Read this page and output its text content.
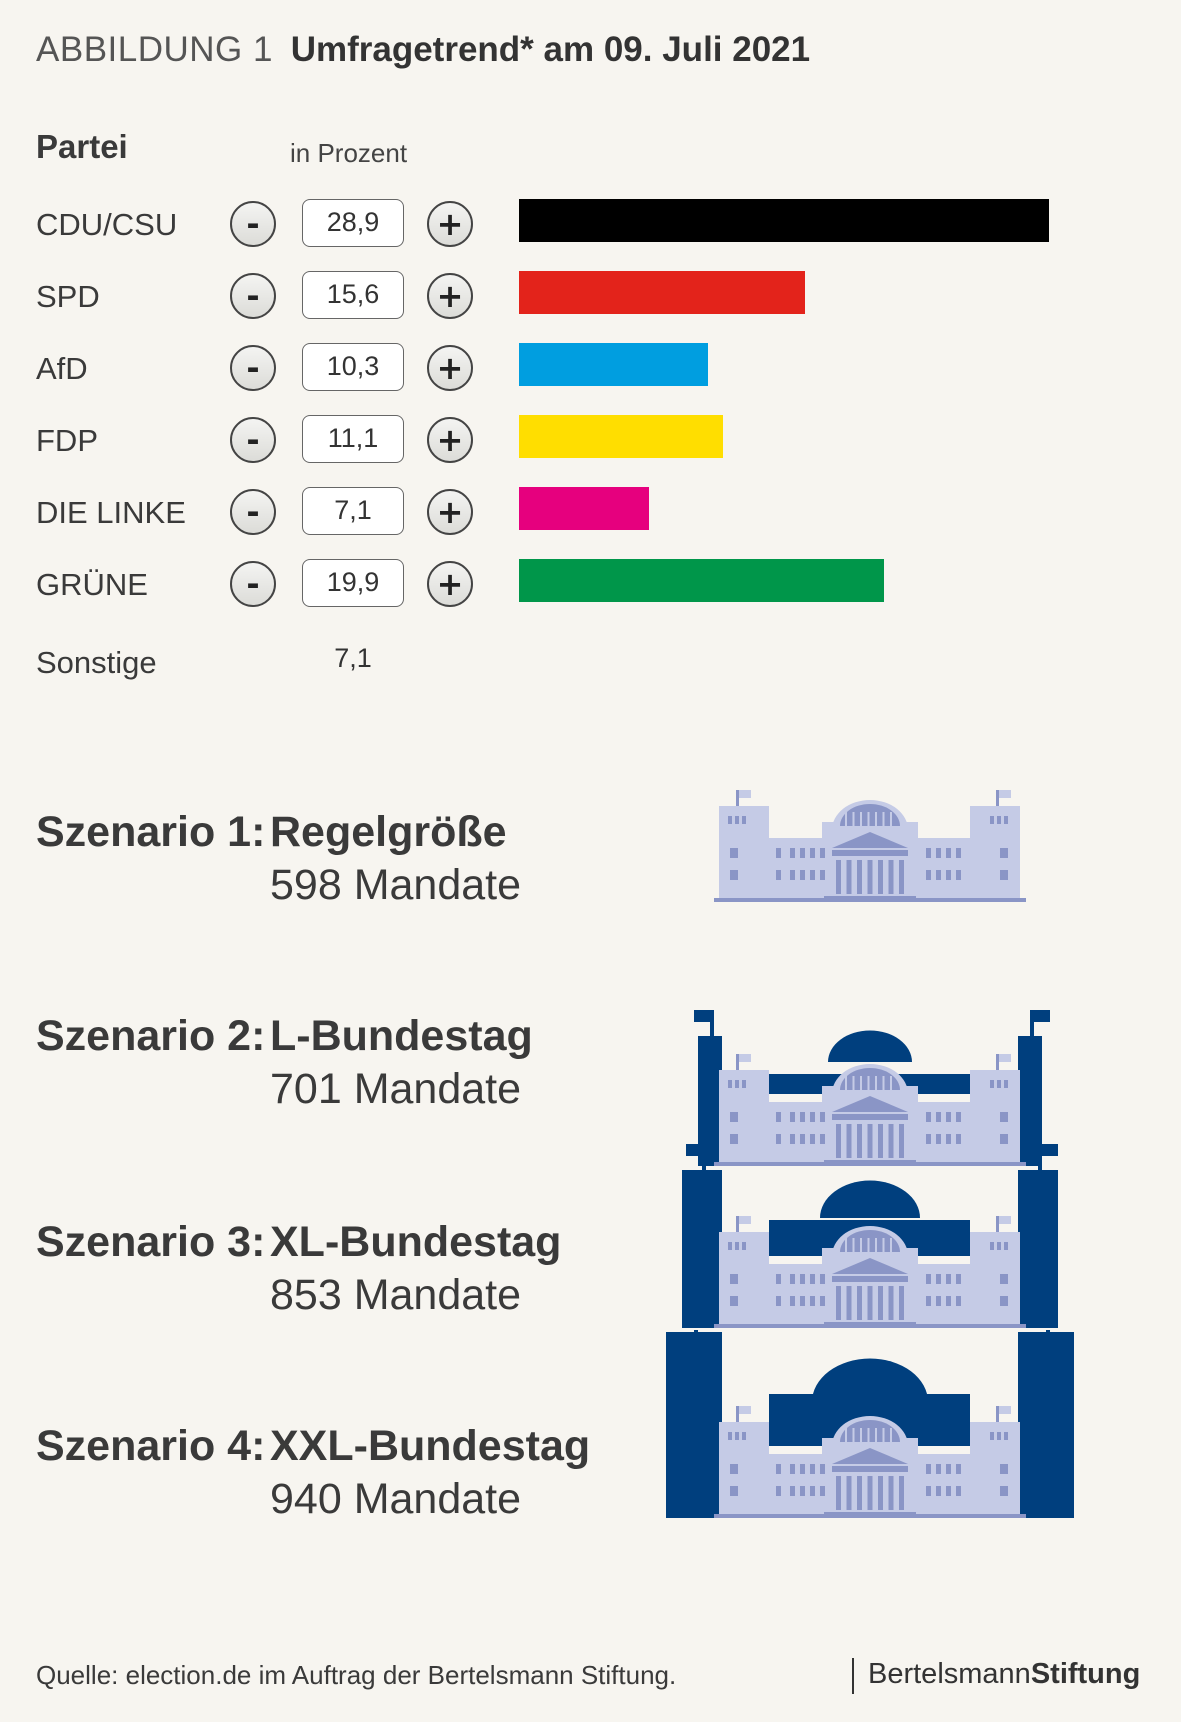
ABBILDUNG 1 Umfragetrend* am 09. Juli 2021
Partei	in Prozent
CDU/CSU	-	28,9	+
SPD	-	15,6	+
AfD	-	10,3	+
FDP	-	11,1	+
DIE LINKE	-	7,1	+
GRÜNE	-	19,9	+
Sonstige	7,1
Szenario 1: Regelgröße
598 Mandate
Szenario 2: L-Bundestag
701 Mandate
Szenario 3: XL-Bundestag
853 Mandate
Szenario 4: XXL-Bundestag
940 Mandate
Quelle: election.de im Auftrag der Bertelsmann Stiftung.	BertelsmannStiftung
